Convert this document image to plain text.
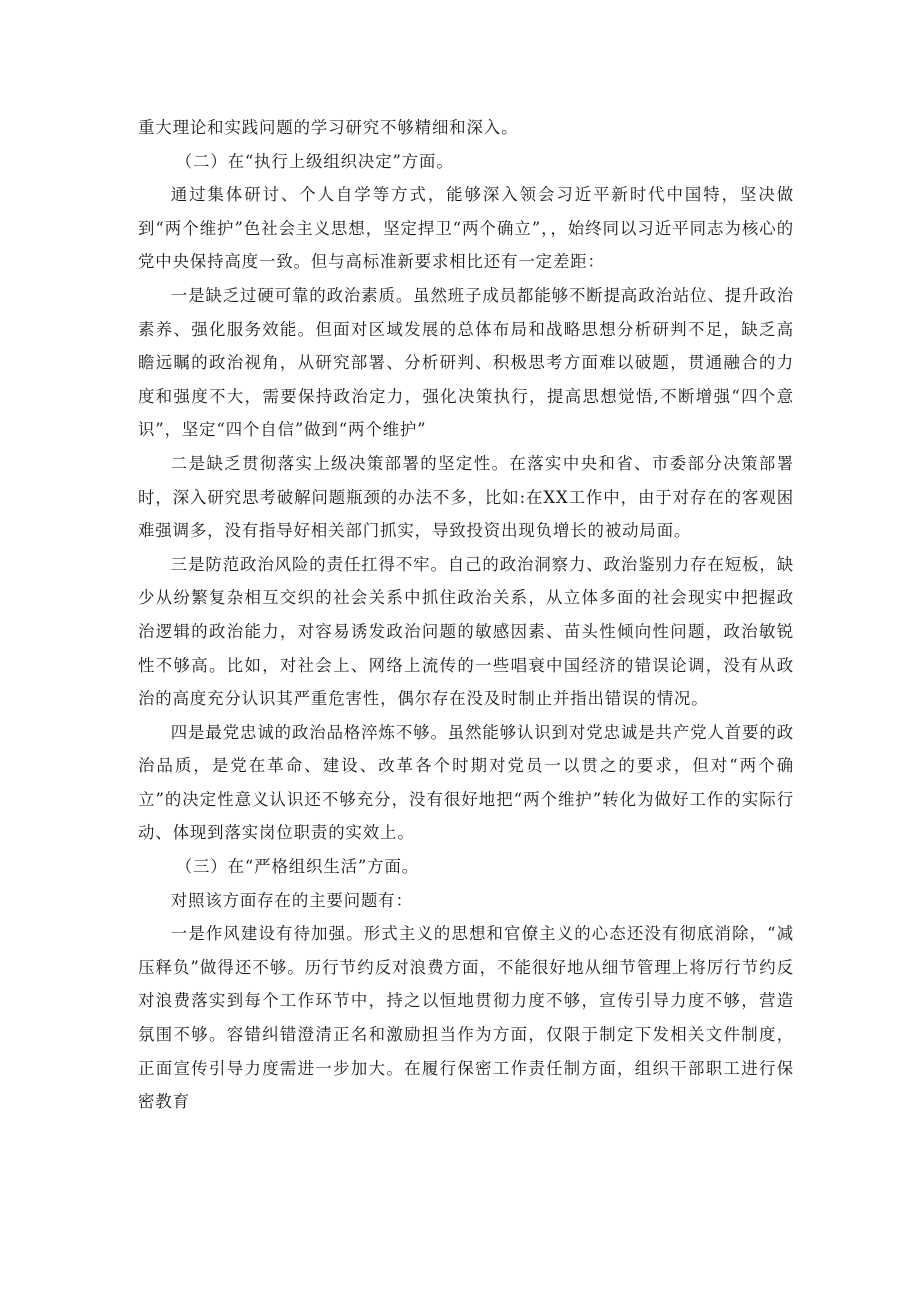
重大理论和实践问题的学习研究不够精细和深入。

（二）在“执行上级组织决定”方面。

通过集体研讨、个人自学等方式，能够深入领会习近平新时代中国特，坚决做到“两个维护”色社会主义思想，坚定捍卫“两个确立”，，始终同以习近平同志为核心的党中央保持高度一致。但与高标准新要求相比还有一定差距：

一是缺乏过硬可靠的政治素质。虽然班子成员都能够不断提高政治站位、提升政治素养、强化服务效能。但面对区域发展的总体布局和战略思想分析研判不足，缺乏高瞻远瞩的政治视角，从研究部署、分析研判、积极思考方面难以破题，贯通融合的力度和强度不大，需要保持政治定力，强化决策执行，提高思想觉悟,不断增强“四个意识”，坚定“四个自信”做到“两个维护”

二是缺乏贯彻落实上级决策部署的坚定性。在落实中央和省、市委部分决策部署时，深入研究思考破解问题瓶颈的办法不多，比如:在XX工作中，由于对存在的客观困难强调多，没有指导好相关部门抓实，导致投资出现负增长的被动局面。

三是防范政治风险的责任扛得不牢。自己的政治洞察力、政治鉴别力存在短板，缺少从纷繁复杂相互交织的社会关系中抓住政治关系，从立体多面的社会现实中把握政治逻辑的政治能力，对容易诱发政治问题的敏感因素、苗头性倾向性问题，政治敏锐性不够高。比如，对社会上、网络上流传的一些唱衰中国经济的错误论调，没有从政治的高度充分认识其严重危害性，偶尔存在没及时制止并指出错误的情况。

四是最党忠诚的政治品格淬炼不够。虽然能够认识到对党忠诚是共产党人首要的政治品质，是党在革命、建设、改革各个时期对党员一以贯之的要求，但对“两个确立”的决定性意义认识还不够充分，没有很好地把“两个维护”转化为做好工作的实际行动、体现到落实岗位职责的实效上。

（三）在“严格组织生活”方面。

对照该方面存在的主要问题有：

一是作风建设有待加强。形式主义的思想和官僚主义的心态还没有彻底消除，“减压释负”做得还不够。历行节约反对浪费方面，不能很好地从细节管理上将厉行节约反对浪费落实到每个工作环节中，持之以恒地贯彻力度不够，宣传引导力度不够，营造氛围不够。容错纠错澄清正名和激励担当作为方面，仅限于制定下发相关文件制度，正面宣传引导力度需进一步加大。在履行保密工作责任制方面，组织干部职工进行保密教育
